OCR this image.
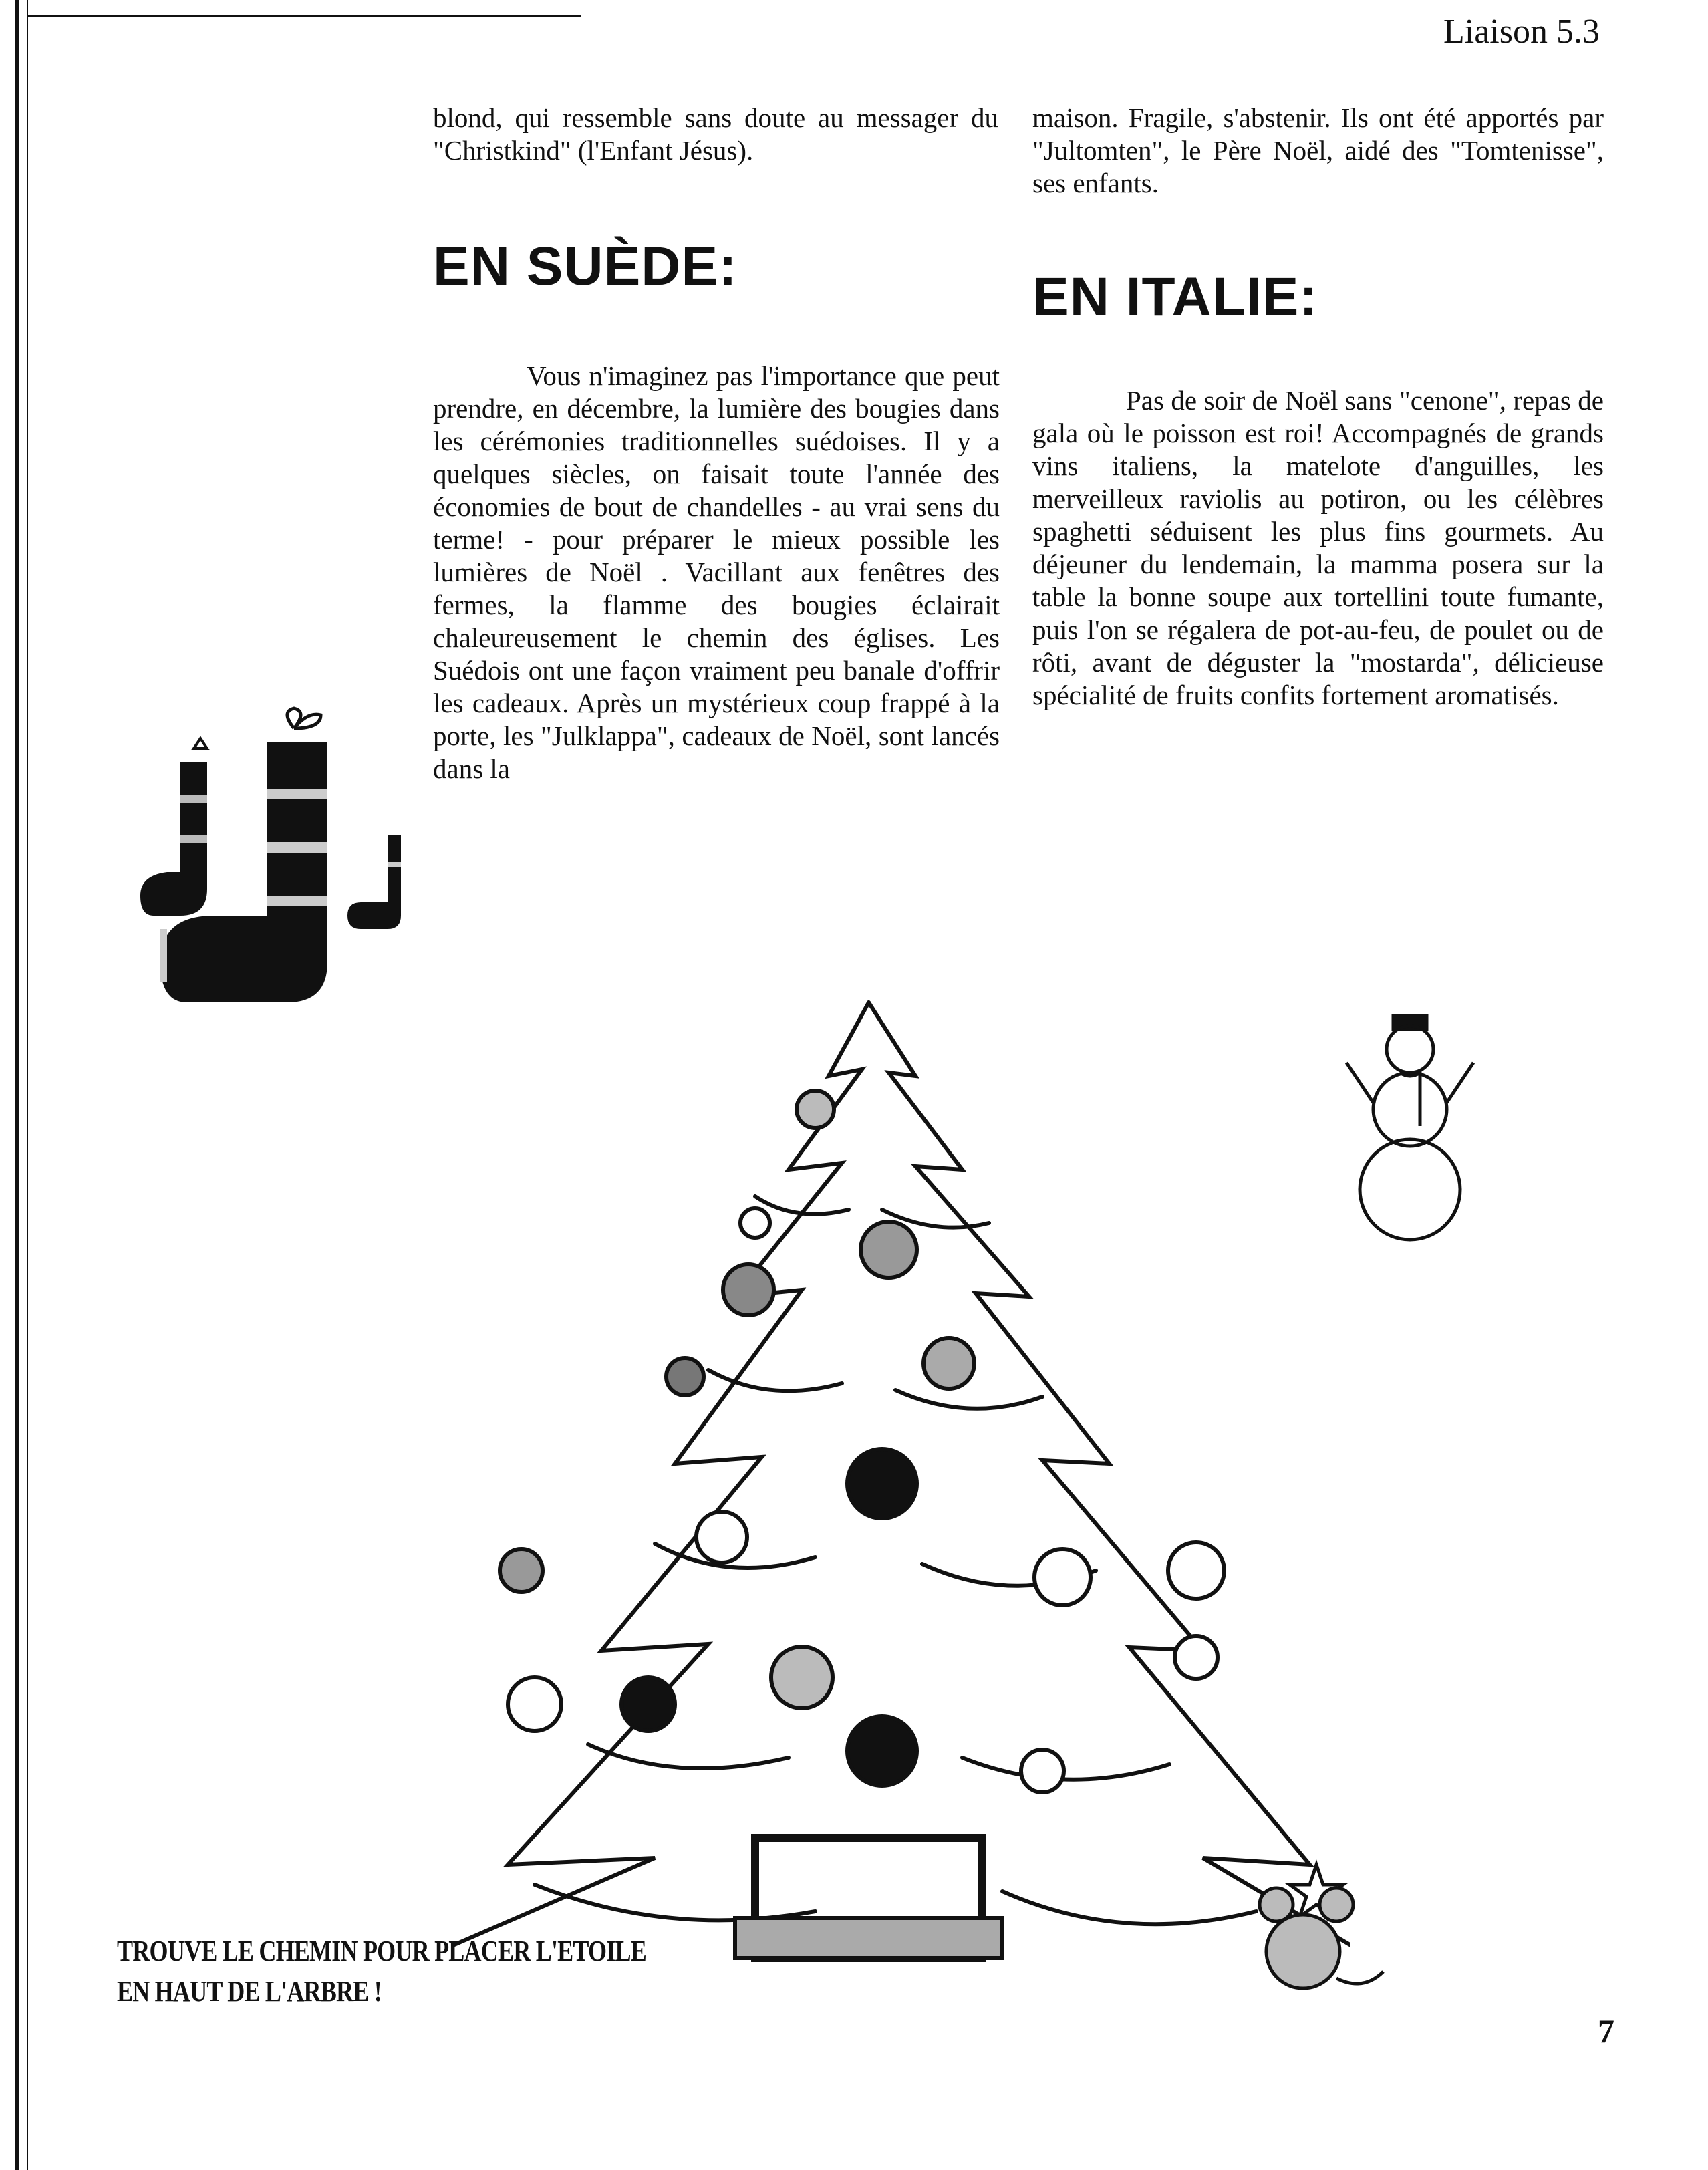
Liaison 5.3

blond, qui ressemble sans doute au messager du "Christkind" (l'Enfant Jésus).

EN SUÈDE:

Vous n'imaginez pas l'importance que peut prendre, en décembre, la lumière des bougies dans les cérémonies traditionnelles suédoises. Il y a quelques siècles, on faisait toute l'année des économies de bout de chandelles - au vrai sens du terme! - pour préparer le mieux possible les lumières de Noël . Vacillant aux fenêtres des fermes, la flamme des bougies éclairait chaleureusement le chemin des églises. Les Suédois ont une façon vraiment peu banale d'offrir les cadeaux. Après un mystérieux coup frappé à la porte, les "Julklappa", cadeaux de Noël, sont lancés dans la

maison. Fragile, s'abstenir. Ils ont été apportés par "Jultomten", le Père Noël, aidé des "Tomtenisse", ses enfants.

EN ITALIE:

Pas de soir de Noël sans "cenone", repas de gala où le poisson est roi! Accompagnés de grands vins italiens, la matelote d'anguilles, les merveilleux raviolis au potiron, ou les célèbres spaghetti séduisent les plus fins gourmets. Au déjeuner du lendemain, la mamma posera sur la table la bonne soupe aux tortellini toute fumante, puis l'on se régalera de pot-au-feu, de poulet ou de rôti, avant de déguster la "mostarda", délicieuse spécialité de fruits confits fortement aromatisés.

TROUVE LE CHEMIN POUR PLACER L'ETOILE
EN HAUT DE L'ARBRE !
7
